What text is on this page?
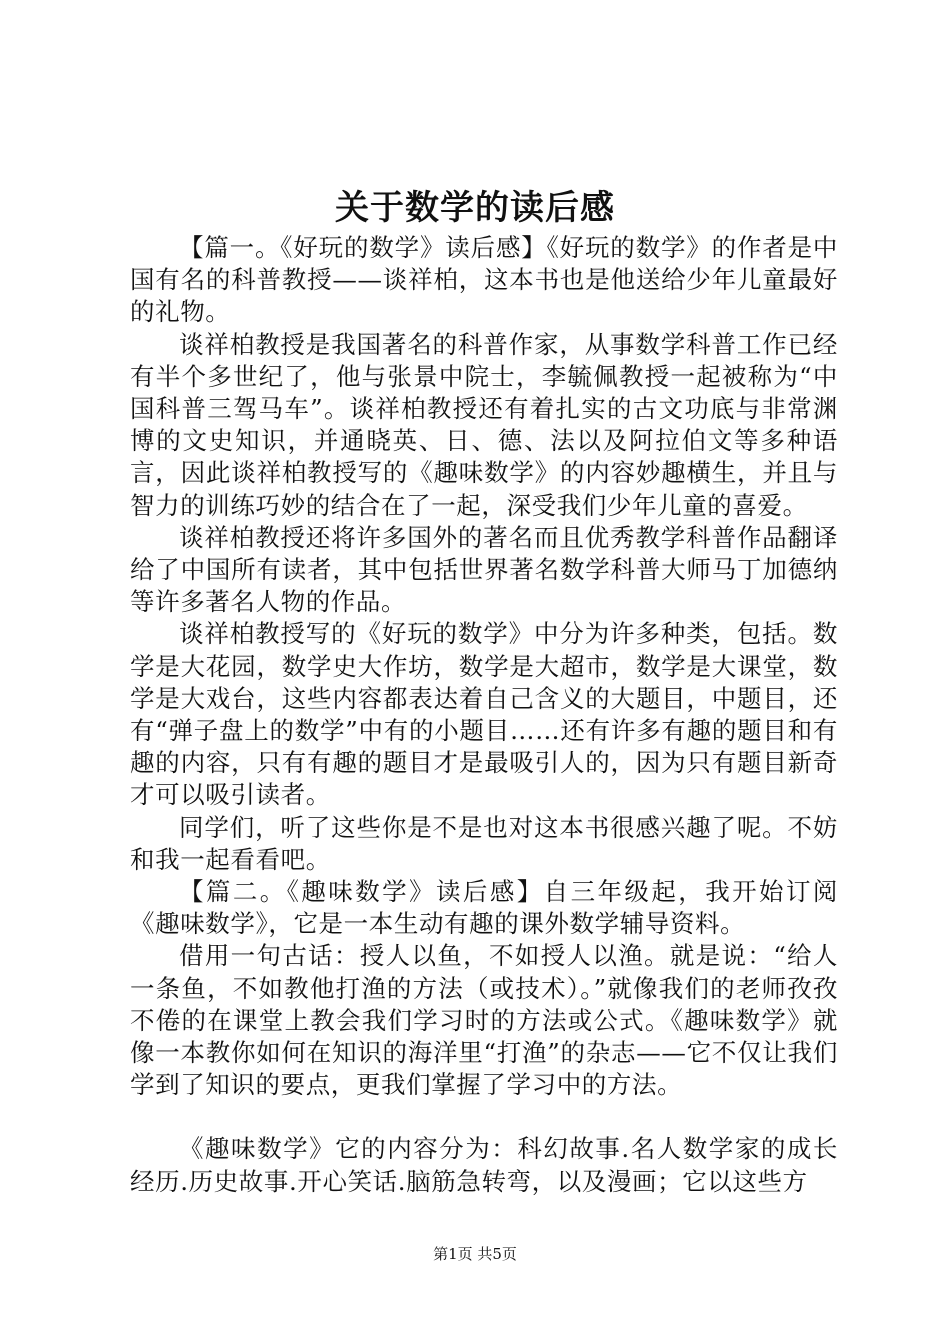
关于数学的读后感

【篇一。《好玩的数学》读后感】《好玩的数学》的作者是中国有名的科普教授——谈祥柏，这本书也是他送给少年儿童最好的礼物。

谈祥柏教授是我国著名的科普作家，从事数学科普工作已经有半个多世纪了，他与张景中院士，李毓佩教授一起被称为“中国科普三驾马车”。谈祥柏教授还有着扎实的古文功底与非常渊博的文史知识，并通晓英、日、德、法以及阿拉伯文等多种语言，因此谈祥柏教授写的《趣味数学》的内容妙趣横生，并且与智力的训练巧妙的结合在了一起，深受我们少年儿童的喜爱。

谈祥柏教授还将许多国外的著名而且优秀教学科普作品翻译给了中国所有读者，其中包括世界著名数学科普大师马丁加德纳等许多著名人物的作品。

谈祥柏教授写的《好玩的数学》中分为许多种类，包括。数学是大花园，数学史大作坊，数学是大超市，数学是大课堂，数学是大戏台，这些内容都表达着自己含义的大题目，中题目，还有“弹子盘上的数学”中有的小题目……还有许多有趣的题目和有趣的内容，只有有趣的题目才是最吸引人的，因为只有题目新奇才可以吸引读者。

同学们，听了这些你是不是也对这本书很感兴趣了呢。不妨和我一起看看吧。

【篇二。《趣味数学》读后感】自三年级起，我开始订阅《趣味数学》，它是一本生动有趣的课外数学辅导资料。

借用一句古话：授人以鱼，不如授人以渔。就是说：“给人一条鱼，不如教他打渔的方法（或技术）。”就像我们的老师孜孜不倦的在课堂上教会我们学习时的方法或公式。《趣味数学》就像一本教你如何在知识的海洋里“打渔”的杂志——它不仅让我们学到了知识的要点，更我们掌握了学习中的方法。

《趣味数学》它的内容分为：科幻故事.名人数学家的成长经历.历史故事.开心笑话.脑筋急转弯，以及漫画；它以这些方

第1页 共5页
